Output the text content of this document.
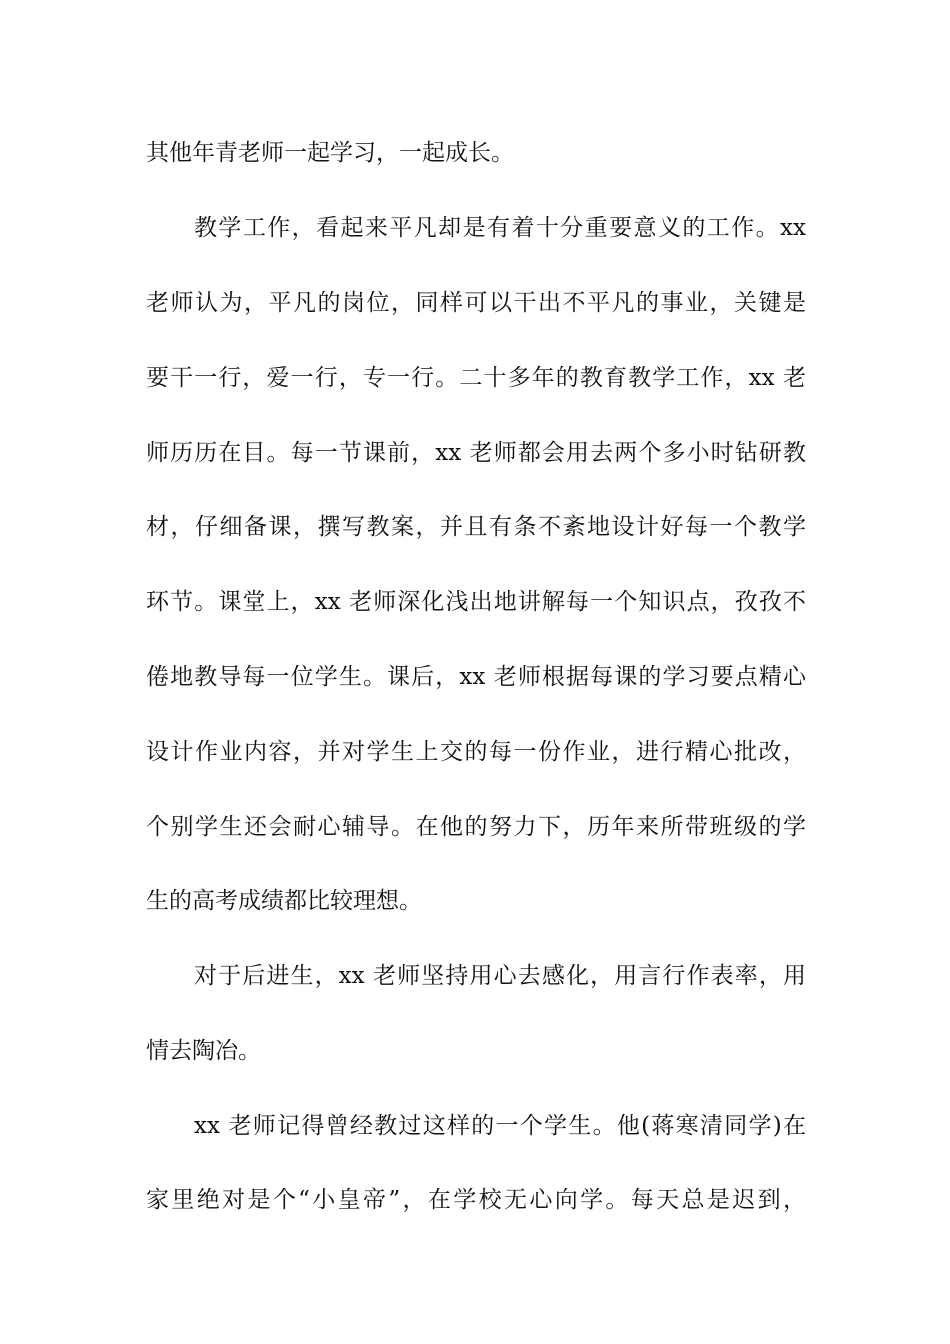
其他年青老师一起学习，一起成长。
教学工作，看起来平凡却是有着十分重要意义的工作。xx
老师认为，平凡的岗位，同样可以干出不平凡的事业，关键是
要干一行，爱一行，专一行。二十多年的教育教学工作，xx 老
师历历在目。每一节课前，xx 老师都会用去两个多小时钻研教
材，仔细备课，撰写教案，并且有条不紊地设计好每一个教学
环节。课堂上，xx 老师深化浅出地讲解每一个知识点，孜孜不
倦地教导每一位学生。课后，xx 老师根据每课的学习要点精心
设计作业内容，并对学生上交的每一份作业，进行精心批改，
个别学生还会耐心辅导。在他的努力下，历年来所带班级的学
生的高考成绩都比较理想。
对于后进生，xx 老师坚持用心去感化，用言行作表率，用
情去陶冶。
xx 老师记得曾经教过这样的一个学生。他(蒋寒清同学)在
家里绝对是个“小皇帝”，在学校无心向学。每天总是迟到，
